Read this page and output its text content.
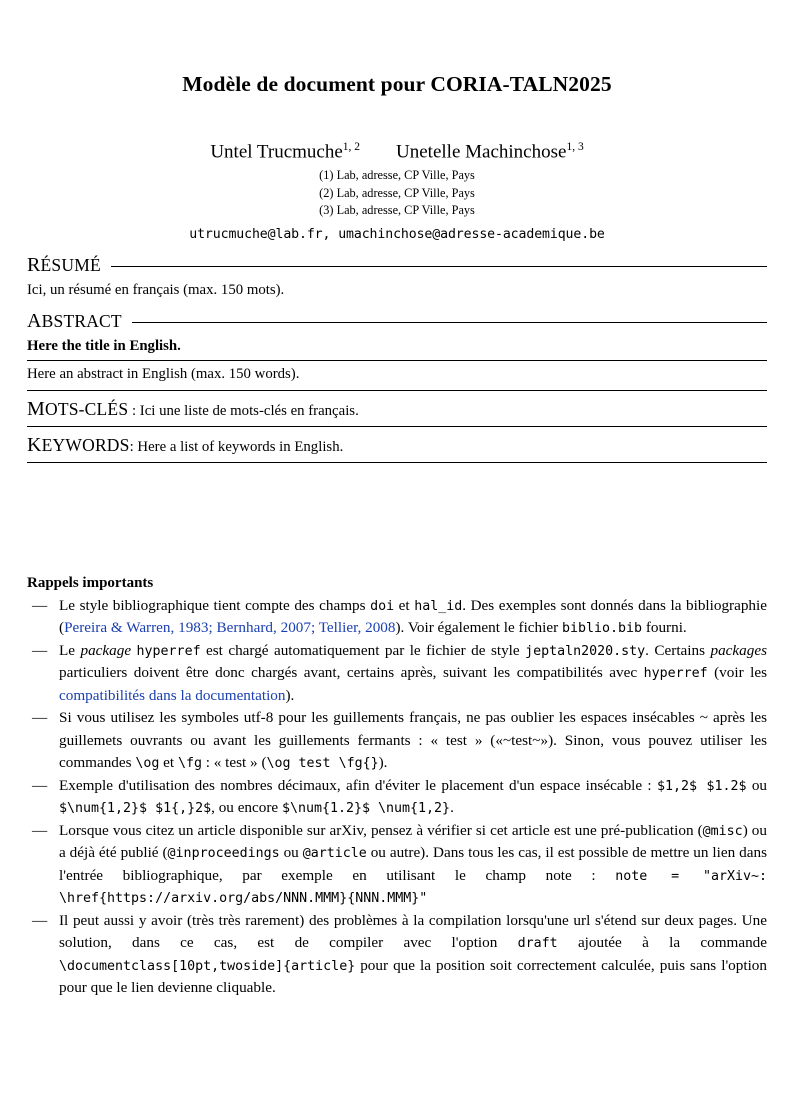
Modèle de document pour CORIA-TALN2025
Untel Trucmuche$^{1, 2}$ Unetelle Machinchose$^{1, 3}$
(1) Lab, adresse, CP Ville, Pays
(2) Lab, adresse, CP Ville, Pays
(3) Lab, adresse, CP Ville, Pays
utrucmuche@lab.fr, umachinchose@adresse-academique.be
RÉSUMÉ
Ici, un résumé en français (max. 150 mots).
ABSTRACT
Here the title in English.
Here an abstract in English (max. 150 words).
MOTS-CLÉS : Ici une liste de mots-clés en français.
KEYWORDS: Here a list of keywords in English.
Rappels importants
— Le style bibliographique tient compte des champs doi et hal_id. Des exemples sont donnés dans la bibliographie (Pereira & Warren, 1983; Bernhard, 2007; Tellier, 2008). Voir également le fichier biblio.bib fourni.
— Le package hyperref est chargé automatiquement par le fichier de style jeptaln2020.sty. Certains packages particuliers doivent être donc chargés avant, certains après, suivant les compatibilités avec hyperref (voir les compatibilités dans la documentation).
— Si vous utilisez les symboles utf-8 pour les guillements français, ne pas oublier les espaces insécables ~ après les guillemets ouvrants ou avant les guillements fermants : « test » («~test~»). Sinon, vous pouvez utiliser les commandes \og et \fg : « test » (\og test \fg{}).
— Exemple d'utilisation des nombres décimaux, afin d'éviter le placement d'un espace insécable : $1,2$ $1.2$ ou $\num{1,2}$ $1{,}2$, ou encore $\num{1.2}$ \num{1,2}.
— Lorsque vous citez un article disponible sur arXiv, pensez à vérifier si cet article est une pré-publication (@misc) ou a déjà été publié (@inproceedings ou @article ou autre). Dans tous les cas, il est possible de mettre un lien dans l'entrée bibliographique, par exemple en utilisant le champ note : note = "arXiv~: \href{https://arxiv.org/abs/NNN.MMM}{NNN.MMM}"
— Il peut aussi y avoir (très très rarement) des problèmes à la compilation lorsqu'une url s'étend sur deux pages. Une solution, dans ce cas, est de compiler avec l'option draft ajoutée à la commande \documentclass[10pt,twoside]{article} pour que la position soit correctement calculée, puis sans l'option pour que le lien devienne cliquable.
